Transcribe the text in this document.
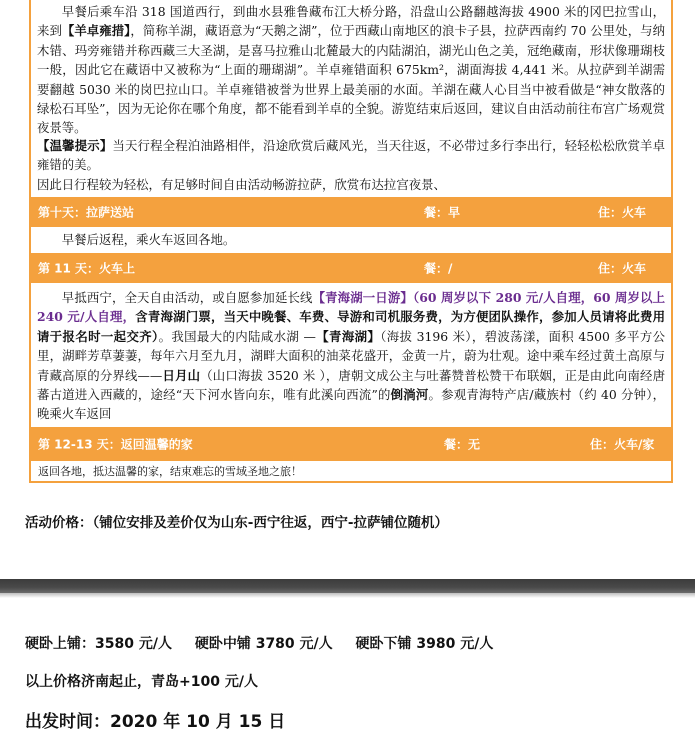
早餐后乘车沿 318 国道西行，到曲水县雅鲁藏布江大桥分路，沿盘山公路翻越海拔 4900 米的冈巴拉雪山，来到【羊卓雍措】，简称羊湖，藏语意为“天鹅之湖”，位于西藏山南地区的浪卡子县，拉萨西南约 70 公里处，与纳木错、玛旁雍错并称西藏三大圣湖，是喜马拉雅山北麓最大的内陆湖泊，湖光山色之美，冠绝藏南，形状像珊瑚枝一般，因此它在藏语中又被称为“上面的珊瑚湖”。羊卓雍错面积 675km²，湖面海拔 4,441 米。从拉萨到羊湖需要翻越 5030 米的岗巴拉山口。羊卓雍错被誉为世界上最美丽的水面。羊湖在藏人心目当中被看做是“神女散落的绿松石耳坠”，因为无论你在哪个角度，都不能看到羊卓的全貌。游览结束后返回，建议自由活动前往布宫广场观赏夜景等。
【温馨提示】当天行程全程泊油路相伴，沿途欣赏后藏风光，当天往返，不必带过多行李出行，轻轻松松欣赏羊卓雍错的美。
因此日行程较为轻松，有足够时间自由活动畅游拉萨，欣赏布达拉宫夜景、
第十天：拉萨送站	餐：早	住：火车
早餐后返程，乘火车返回各地。
第 11 天：火车上	餐：/	住：火车
早抵西宁，全天自由活动，或自愿参加延长线【青海湖一日游】（60 周岁以下 280 元/人自理，60 周岁以上 240 元/人自理，含青海湖门票，当天中晚餐、车费、导游和司机服务费，为方便团队操作，参加人员请将此费用请于报名时一起交齐）。我国最大的内陆咸水湖 —【青海湖】（海拔 3196 米），碧波荡漾，面积 4500 多平方公里，湖畔芳草萋萋，每年六月至九月，湖畔大面积的油菜花盛开，金黄一片，蔚为壮观。途中乘车经过黄土高原与青藏高原的分界线——日月山（山口海拔 3520 米 ），唐朝文成公主与吐蕃赞普松赞干布联姻，正是由此向南经唐蕃古道进入西藏的，途经“天下河水皆向东，唯有此溪向西流”的倒淌河。参观青海特产店/藏族村（约 40 分钟），晚乘火车返回
第 12-13 天：返回温馨的家	餐：无	住：火车/家
返回各地，抵达温馨的家，结束难忘的雪域圣地之旅！
活动价格：（铺位安排及差价仅为山东-西宁往返，西宁-拉萨铺位随机）
硬卧上铺：3580 元/人 硬卧中铺 3780 元/人 硬卧下铺 3980 元/人
以上价格济南起止，青岛+100 元/人
出发时间：2020 年 10 月 15 日
